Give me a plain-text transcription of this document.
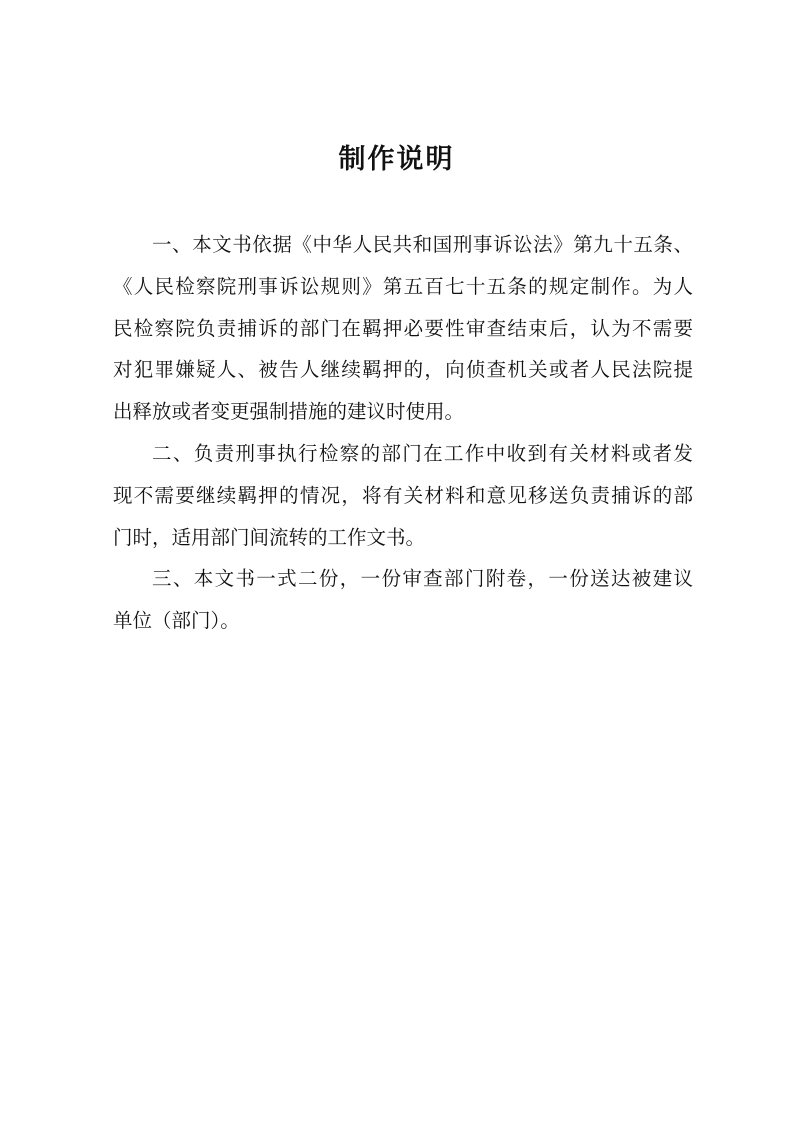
制作说明
一、本文书依据《中华人民共和国刑事诉讼法》第九十五条、
《人民检察院刑事诉讼规则》第五百七十五条的规定制作。为人
民检察院负责捕诉的部门在羁押必要性审查结束后，认为不需要
对犯罪嫌疑人、被告人继续羁押的，向侦查机关或者人民法院提
出释放或者变更强制措施的建议时使用。
二、负责刑事执行检察的部门在工作中收到有关材料或者发
现不需要继续羁押的情况，将有关材料和意见移送负责捕诉的部
门时，适用部门间流转的工作文书。
三、本文书一式二份，一份审查部门附卷，一份送达被建议
单位（部门）。
